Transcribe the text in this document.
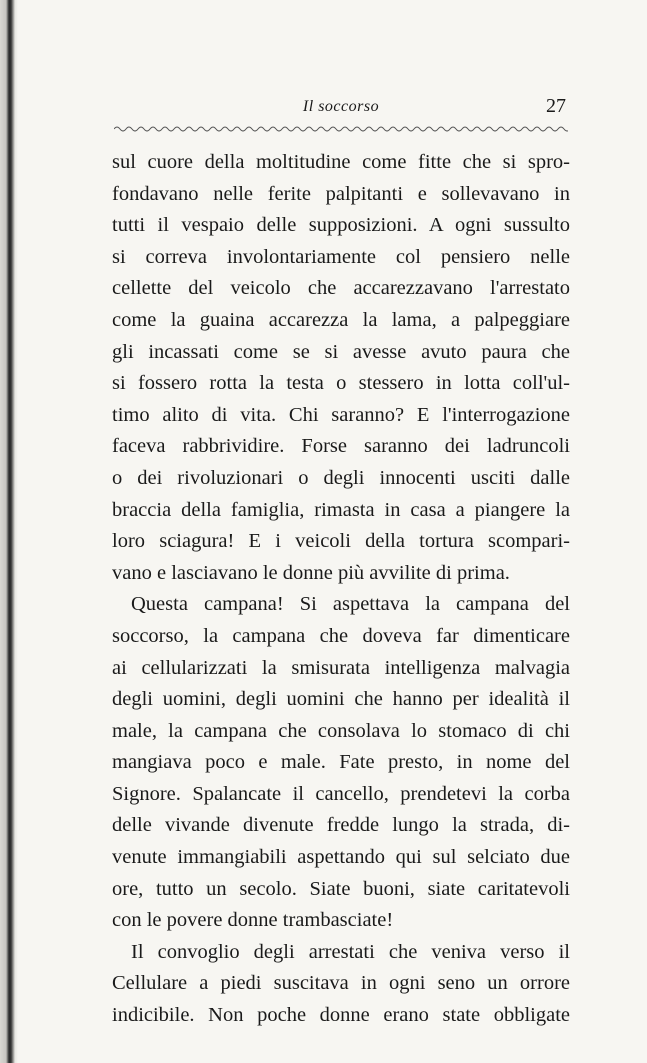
Il soccorso	27
sul cuore della moltitudine come fitte che si spro-
fondavano nelle ferite palpitanti e sollevavano in
tutti il vespaio delle supposizioni. A ogni sussulto
si correva involontariamente col pensiero nelle
cellette del veicolo che accarezzavano l'arrestato
come la guaina accarezza la lama, a palpeggiare
gli incassati come se si avesse avuto paura che
si fossero rotta la testa o stessero in lotta coll'ul-
timo alito di vita. Chi saranno? E l'interrogazione
faceva rabbrividire. Forse saranno dei ladruncoli
o dei rivoluzionari o degli innocenti usciti dalle
braccia della famiglia, rimasta in casa a piangere la
loro sciagura! E i veicoli della tortura scompari-
vano e lasciavano le donne più avvilite di prima.
Questa campana! Si aspettava la campana del
soccorso, la campana che doveva far dimenticare
ai cellularizzati la smisurata intelligenza malvagia
degli uomini, degli uomini che hanno per idealità il
male, la campana che consolava lo stomaco di chi
mangiava poco e male. Fate presto, in nome del
Signore. Spalancate il cancello, prendetevi la corba
delle vivande divenute fredde lungo la strada, di-
venute immangiabili aspettando qui sul selciato due
ore, tutto un secolo. Siate buoni, siate caritatevoli
con le povere donne trambasciate!
Il convoglio degli arrestati che veniva verso il
Cellulare a piedi suscitava in ogni seno un orrore
indicibile. Non poche donne erano state obbligate
